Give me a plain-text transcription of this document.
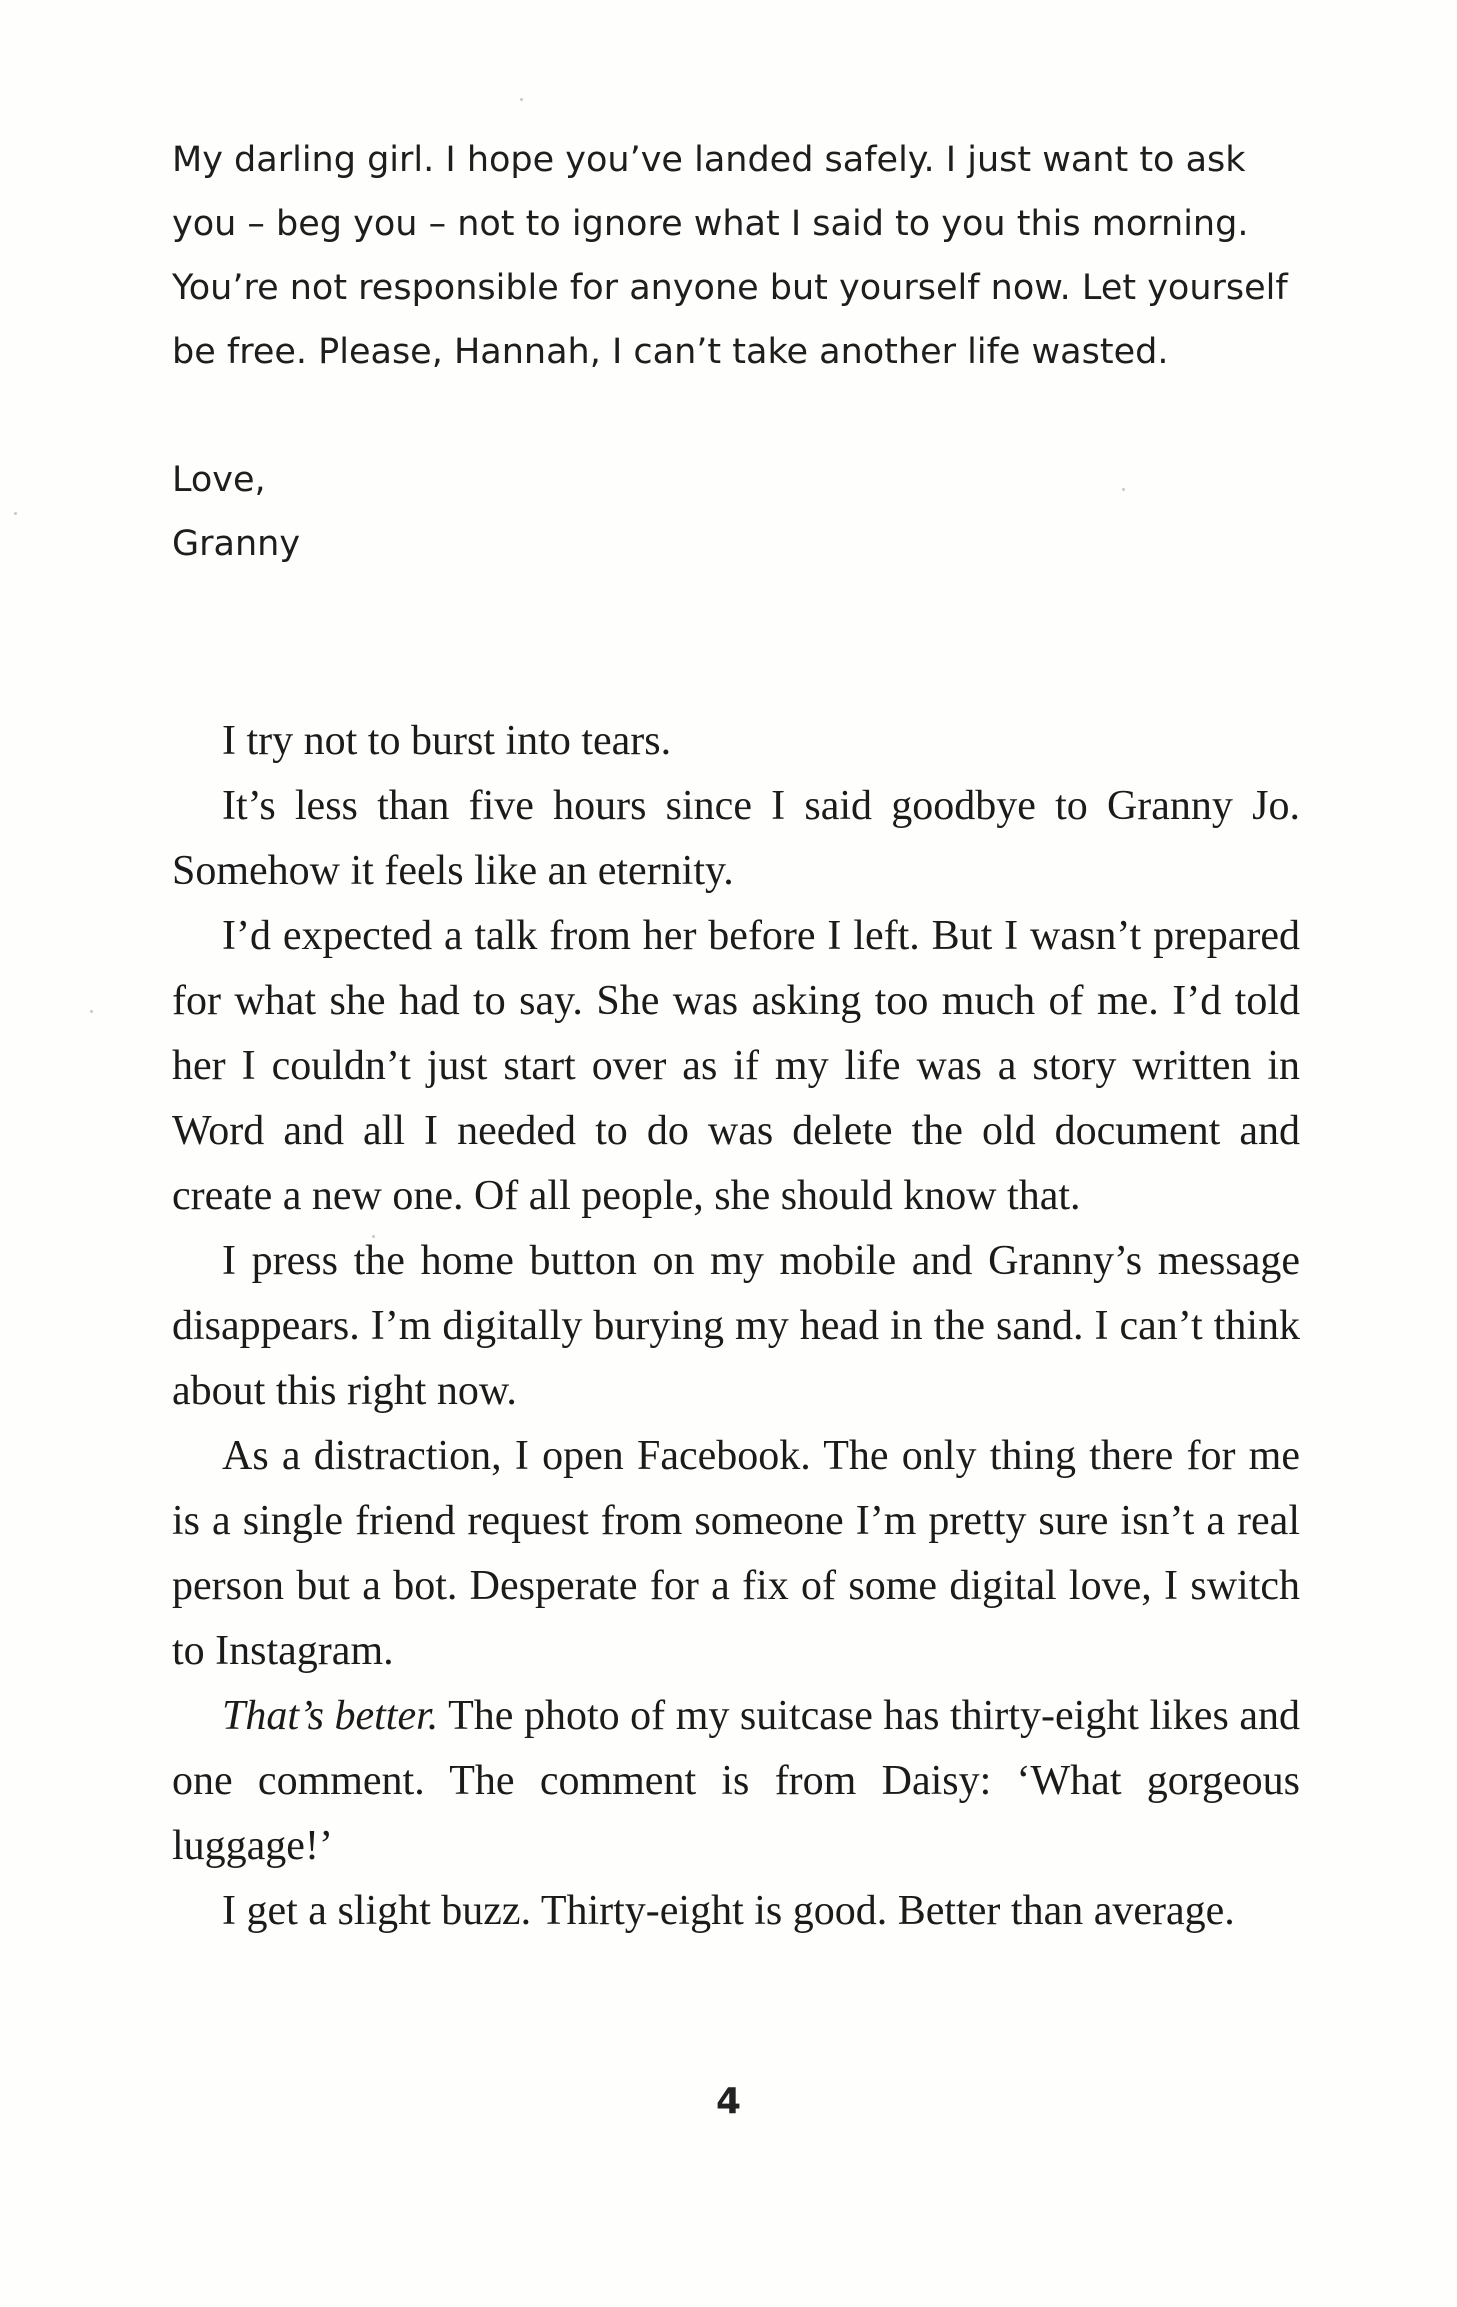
My darling girl. I hope you’ve landed safely. I just want to ask you – beg you – not to ignore what I said to you this morning. You’re not responsible for anyone but yourself now. Let yourself be free. Please, Hannah, I can’t take another life wasted.

Love,

Granny

I try not to burst into tears.

It’s less than five hours since I said goodbye to Granny Jo. Somehow it feels like an eternity.

I’d expected a talk from her before I left. But I wasn’t prepared for what she had to say. She was asking too much of me. I’d told her I couldn’t just start over as if my life was a story written in Word and all I needed to do was delete the old document and create a new one. Of all people, she should know that.

I press the home button on my mobile and Granny’s message disappears. I’m digitally burying my head in the sand. I can’t think about this right now.

As a distraction, I open Facebook. The only thing there for me is a single friend request from someone I’m pretty sure isn’t a real person but a bot. Desperate for a fix of some digital love, I switch to Instagram.

That’s better. The photo of my suitcase has thirty-eight likes and one comment. The comment is from Daisy: ‘What gorgeous luggage!’

I get a slight buzz. Thirty-eight is good. Better than average.

4
